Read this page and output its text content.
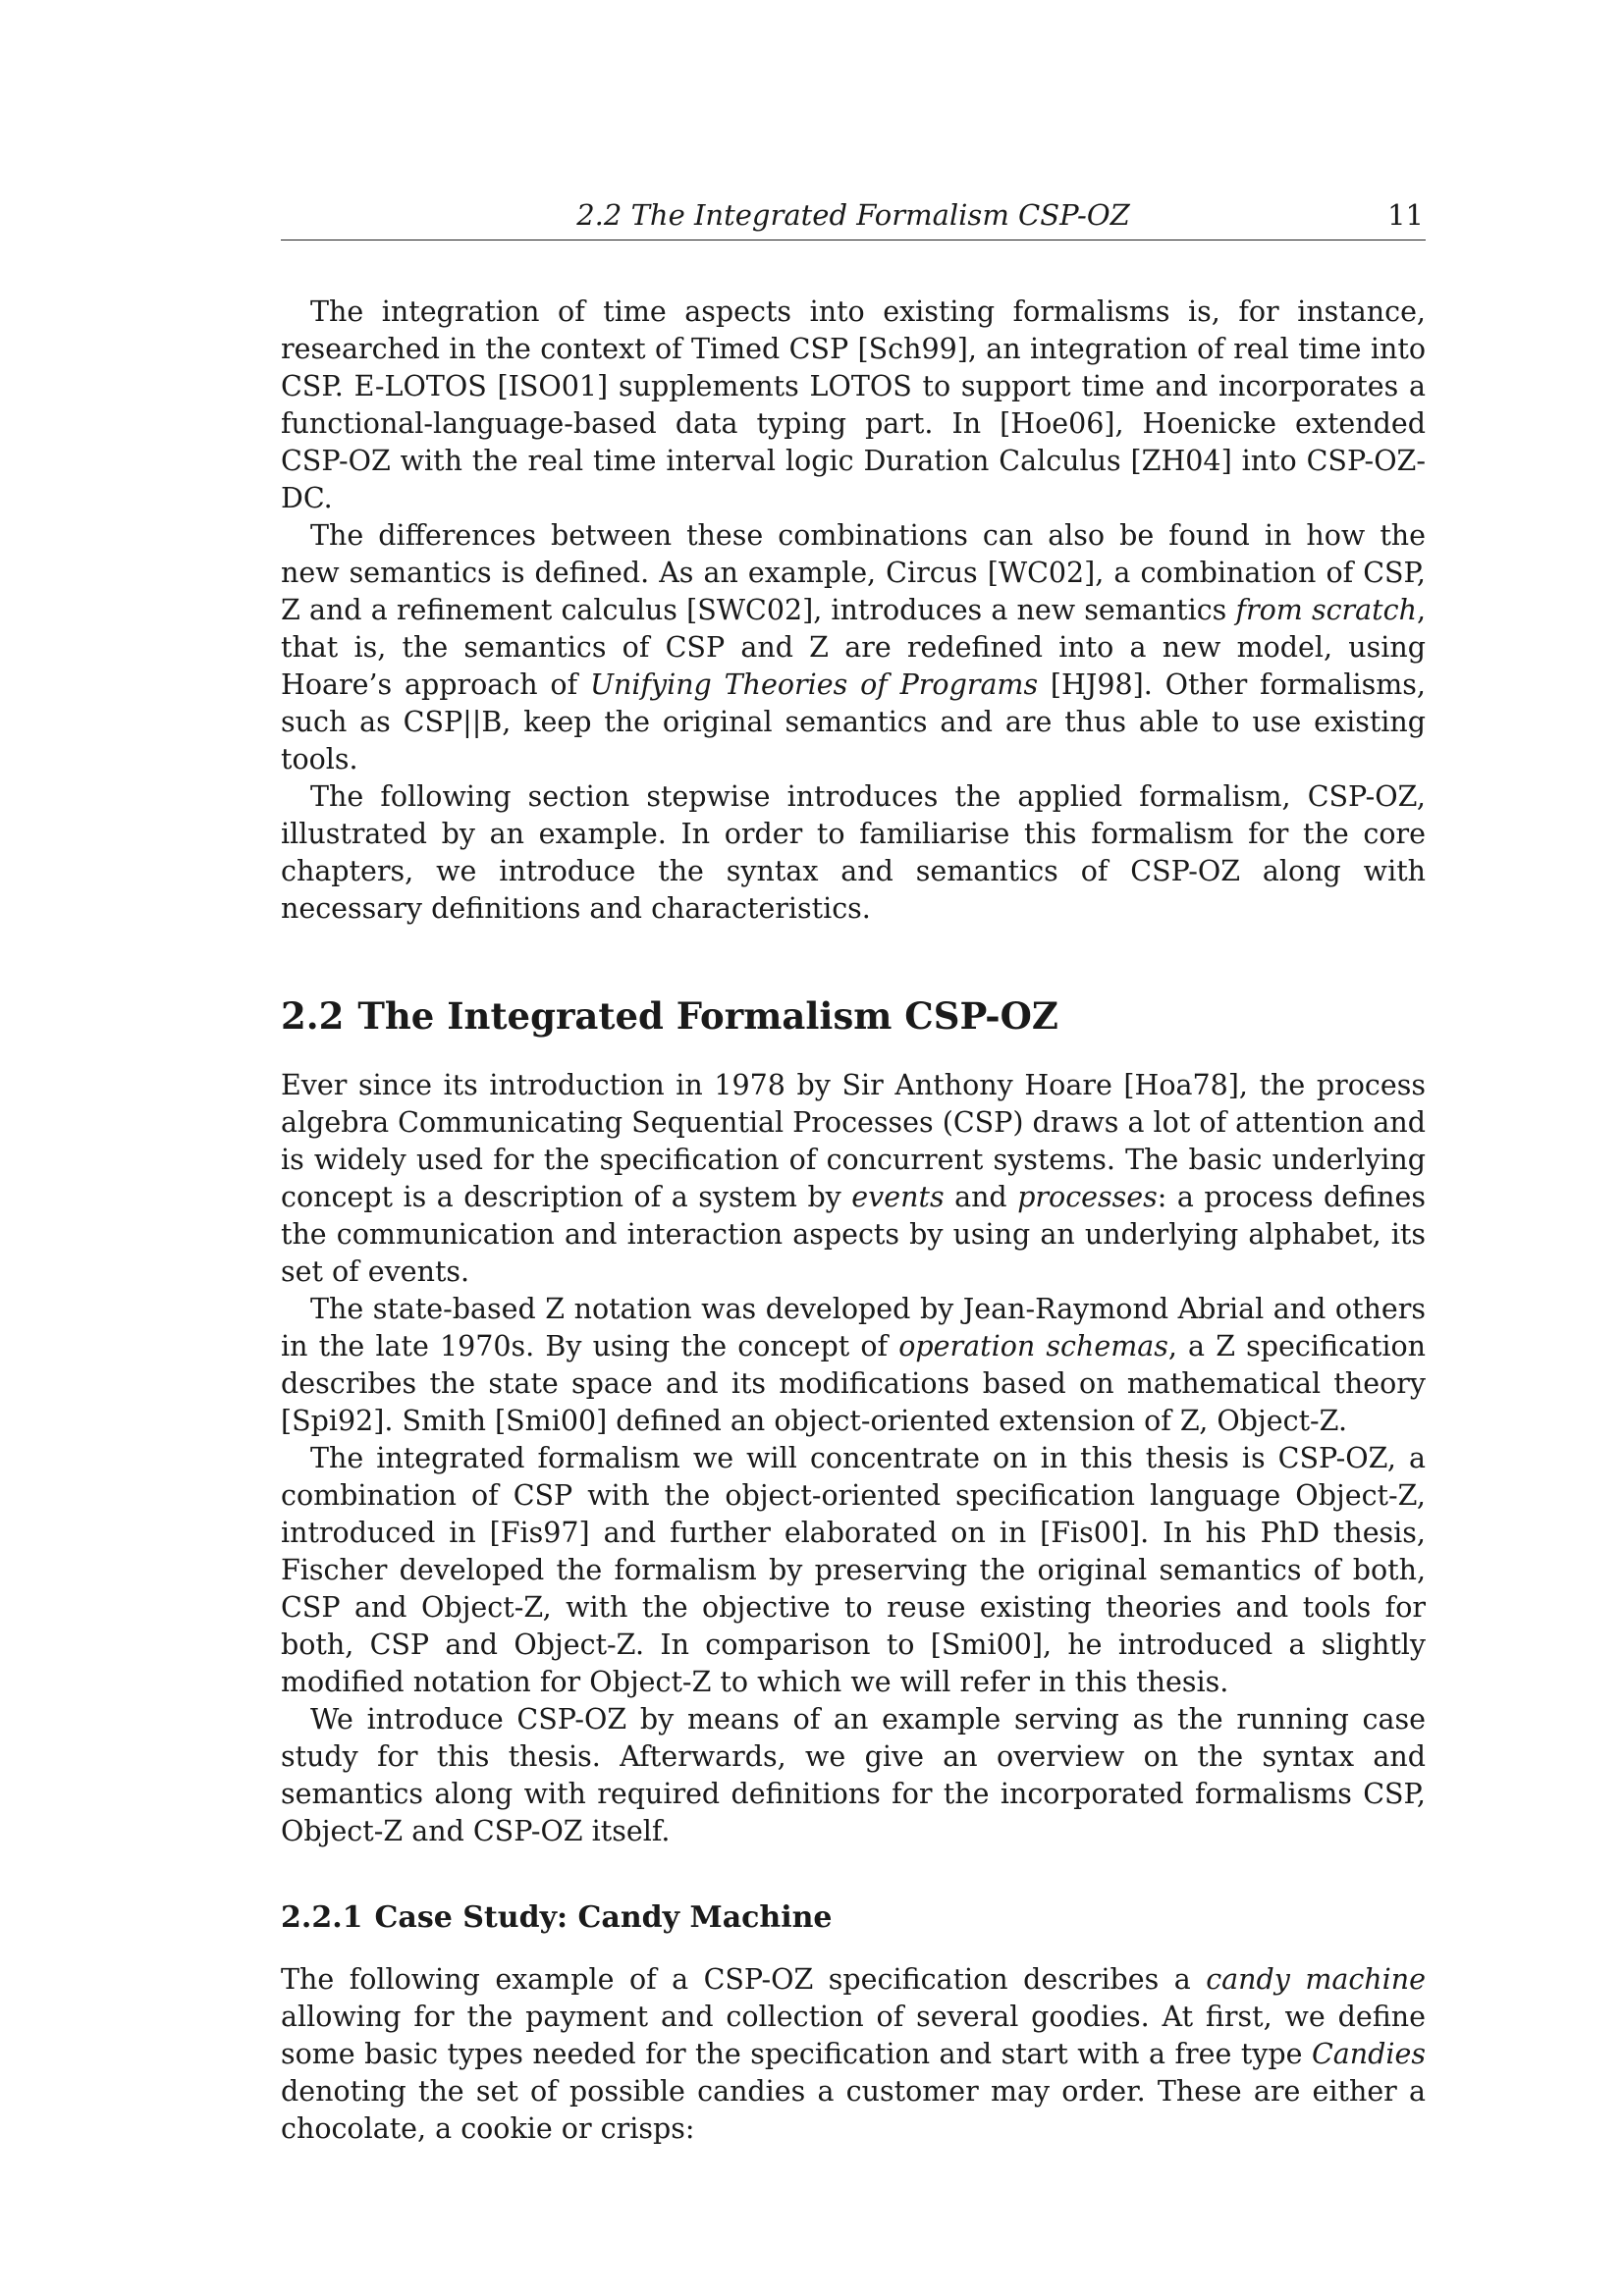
2.2 The Integrated Formalism CSP-OZ	11

The integration of time aspects into existing formalisms is, for instance, researched in the context of Timed CSP [Sch99], an integration of real time into CSP. E-LOTOS [ISO01] supplements LOTOS to support time and incorporates a functional-language-based data typing part. In [Hoe06], Hoenicke extended CSP-OZ with the real time interval logic Duration Calculus [ZH04] into CSP-OZ-DC.

The differences between these combinations can also be found in how the new semantics is defined. As an example, Circus [WC02], a combination of CSP, Z and a refinement calculus [SWC02], introduces a new semantics from scratch, that is, the semantics of CSP and Z are redefined into a new model, using Hoare’s approach of Unifying Theories of Programs [HJ98]. Other formalisms, such as CSP||B, keep the original semantics and are thus able to use existing tools.

The following section stepwise introduces the applied formalism, CSP-OZ, illustrated by an example. In order to familiarise this formalism for the core chapters, we introduce the syntax and semantics of CSP-OZ along with necessary definitions and characteristics.

2.2 The Integrated Formalism CSP-OZ

Ever since its introduction in 1978 by Sir Anthony Hoare [Hoa78], the process algebra Communicating Sequential Processes (CSP) draws a lot of attention and is widely used for the specification of concurrent systems. The basic underlying concept is a description of a system by events and processes: a process defines the communication and interaction aspects by using an underlying alphabet, its set of events.

The state-based Z notation was developed by Jean-Raymond Abrial and others in the late 1970s. By using the concept of operation schemas, a Z specification describes the state space and its modifications based on mathematical theory [Spi92]. Smith [Smi00] defined an object-oriented extension of Z, Object-Z.

The integrated formalism we will concentrate on in this thesis is CSP-OZ, a combination of CSP with the object-oriented specification language Object-Z, introduced in [Fis97] and further elaborated on in [Fis00]. In his PhD thesis, Fischer developed the formalism by preserving the original semantics of both, CSP and Object-Z, with the objective to reuse existing theories and tools for both, CSP and Object-Z. In comparison to [Smi00], he introduced a slightly modified notation for Object-Z to which we will refer in this thesis.

We introduce CSP-OZ by means of an example serving as the running case study for this thesis. Afterwards, we give an overview on the syntax and semantics along with required definitions for the incorporated formalisms CSP, Object-Z and CSP-OZ itself.

2.2.1 Case Study: Candy Machine

The following example of a CSP-OZ specification describes a candy machine allowing for the payment and collection of several goodies. At first, we define some basic types needed for the specification and start with a free type Candies denoting the set of possible candies a customer may order. These are either a chocolate, a cookie or crisps:
